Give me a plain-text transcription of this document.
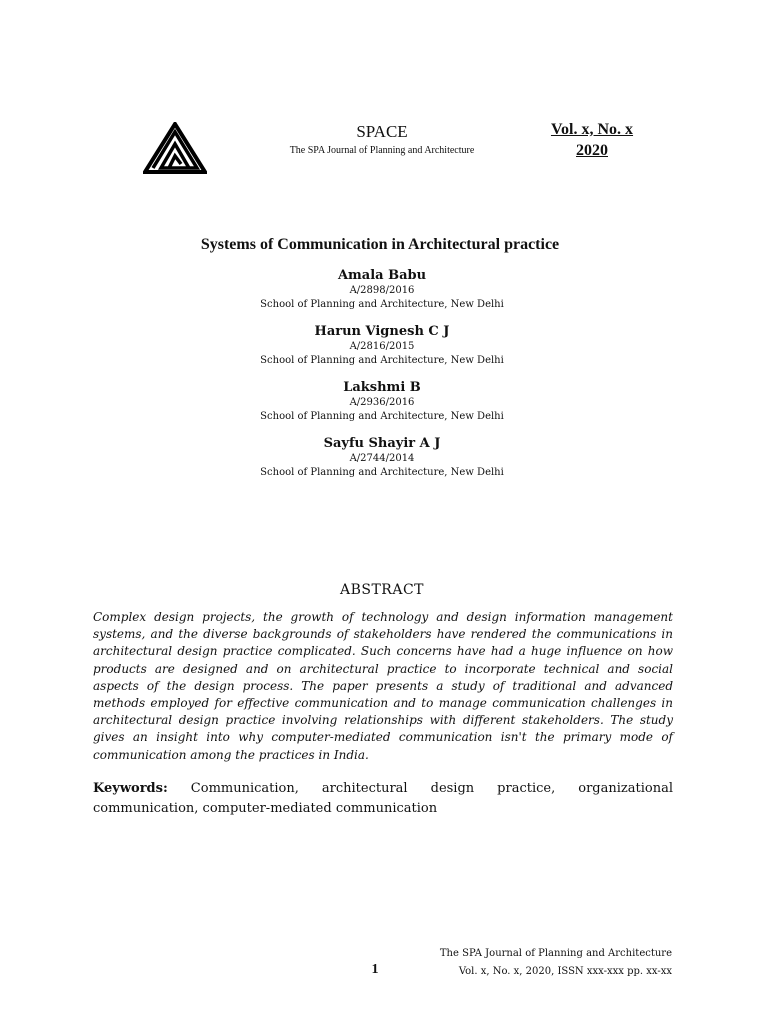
SPACE
The SPA Journal of Planning and Architecture
Vol. x, No. x
2020
Systems of Communication in Architectural practice
Amala Babu
A/2898/2016
School of Planning and Architecture, New Delhi
Harun Vignesh C J
A/2816/2015
School of Planning and Architecture, New Delhi
Lakshmi B
A/2936/2016
School of Planning and Architecture, New Delhi
Sayfu Shayir A J
A/2744/2014
School of Planning and Architecture, New Delhi
ABSTRACT
Complex design projects, the growth of technology and design information management systems, and the diverse backgrounds of stakeholders have rendered the communications in architectural design practice complicated. Such concerns have had a huge influence on how products are designed and on architectural practice to incorporate technical and social aspects of the design process. The paper presents a study of traditional and advanced methods employed for effective communication and to manage communication challenges in architectural design practice involving relationships with different stakeholders. The study gives an insight into why computer-mediated communication isn't the primary mode of communication among the practices in India.
Keywords: Communication, architectural design practice, organizational communication, computer-mediated communication
The SPA Journal of Planning and Architecture
1	Vol. x, No. x, 2020, ISSN xxx-xxx pp. xx-xx
